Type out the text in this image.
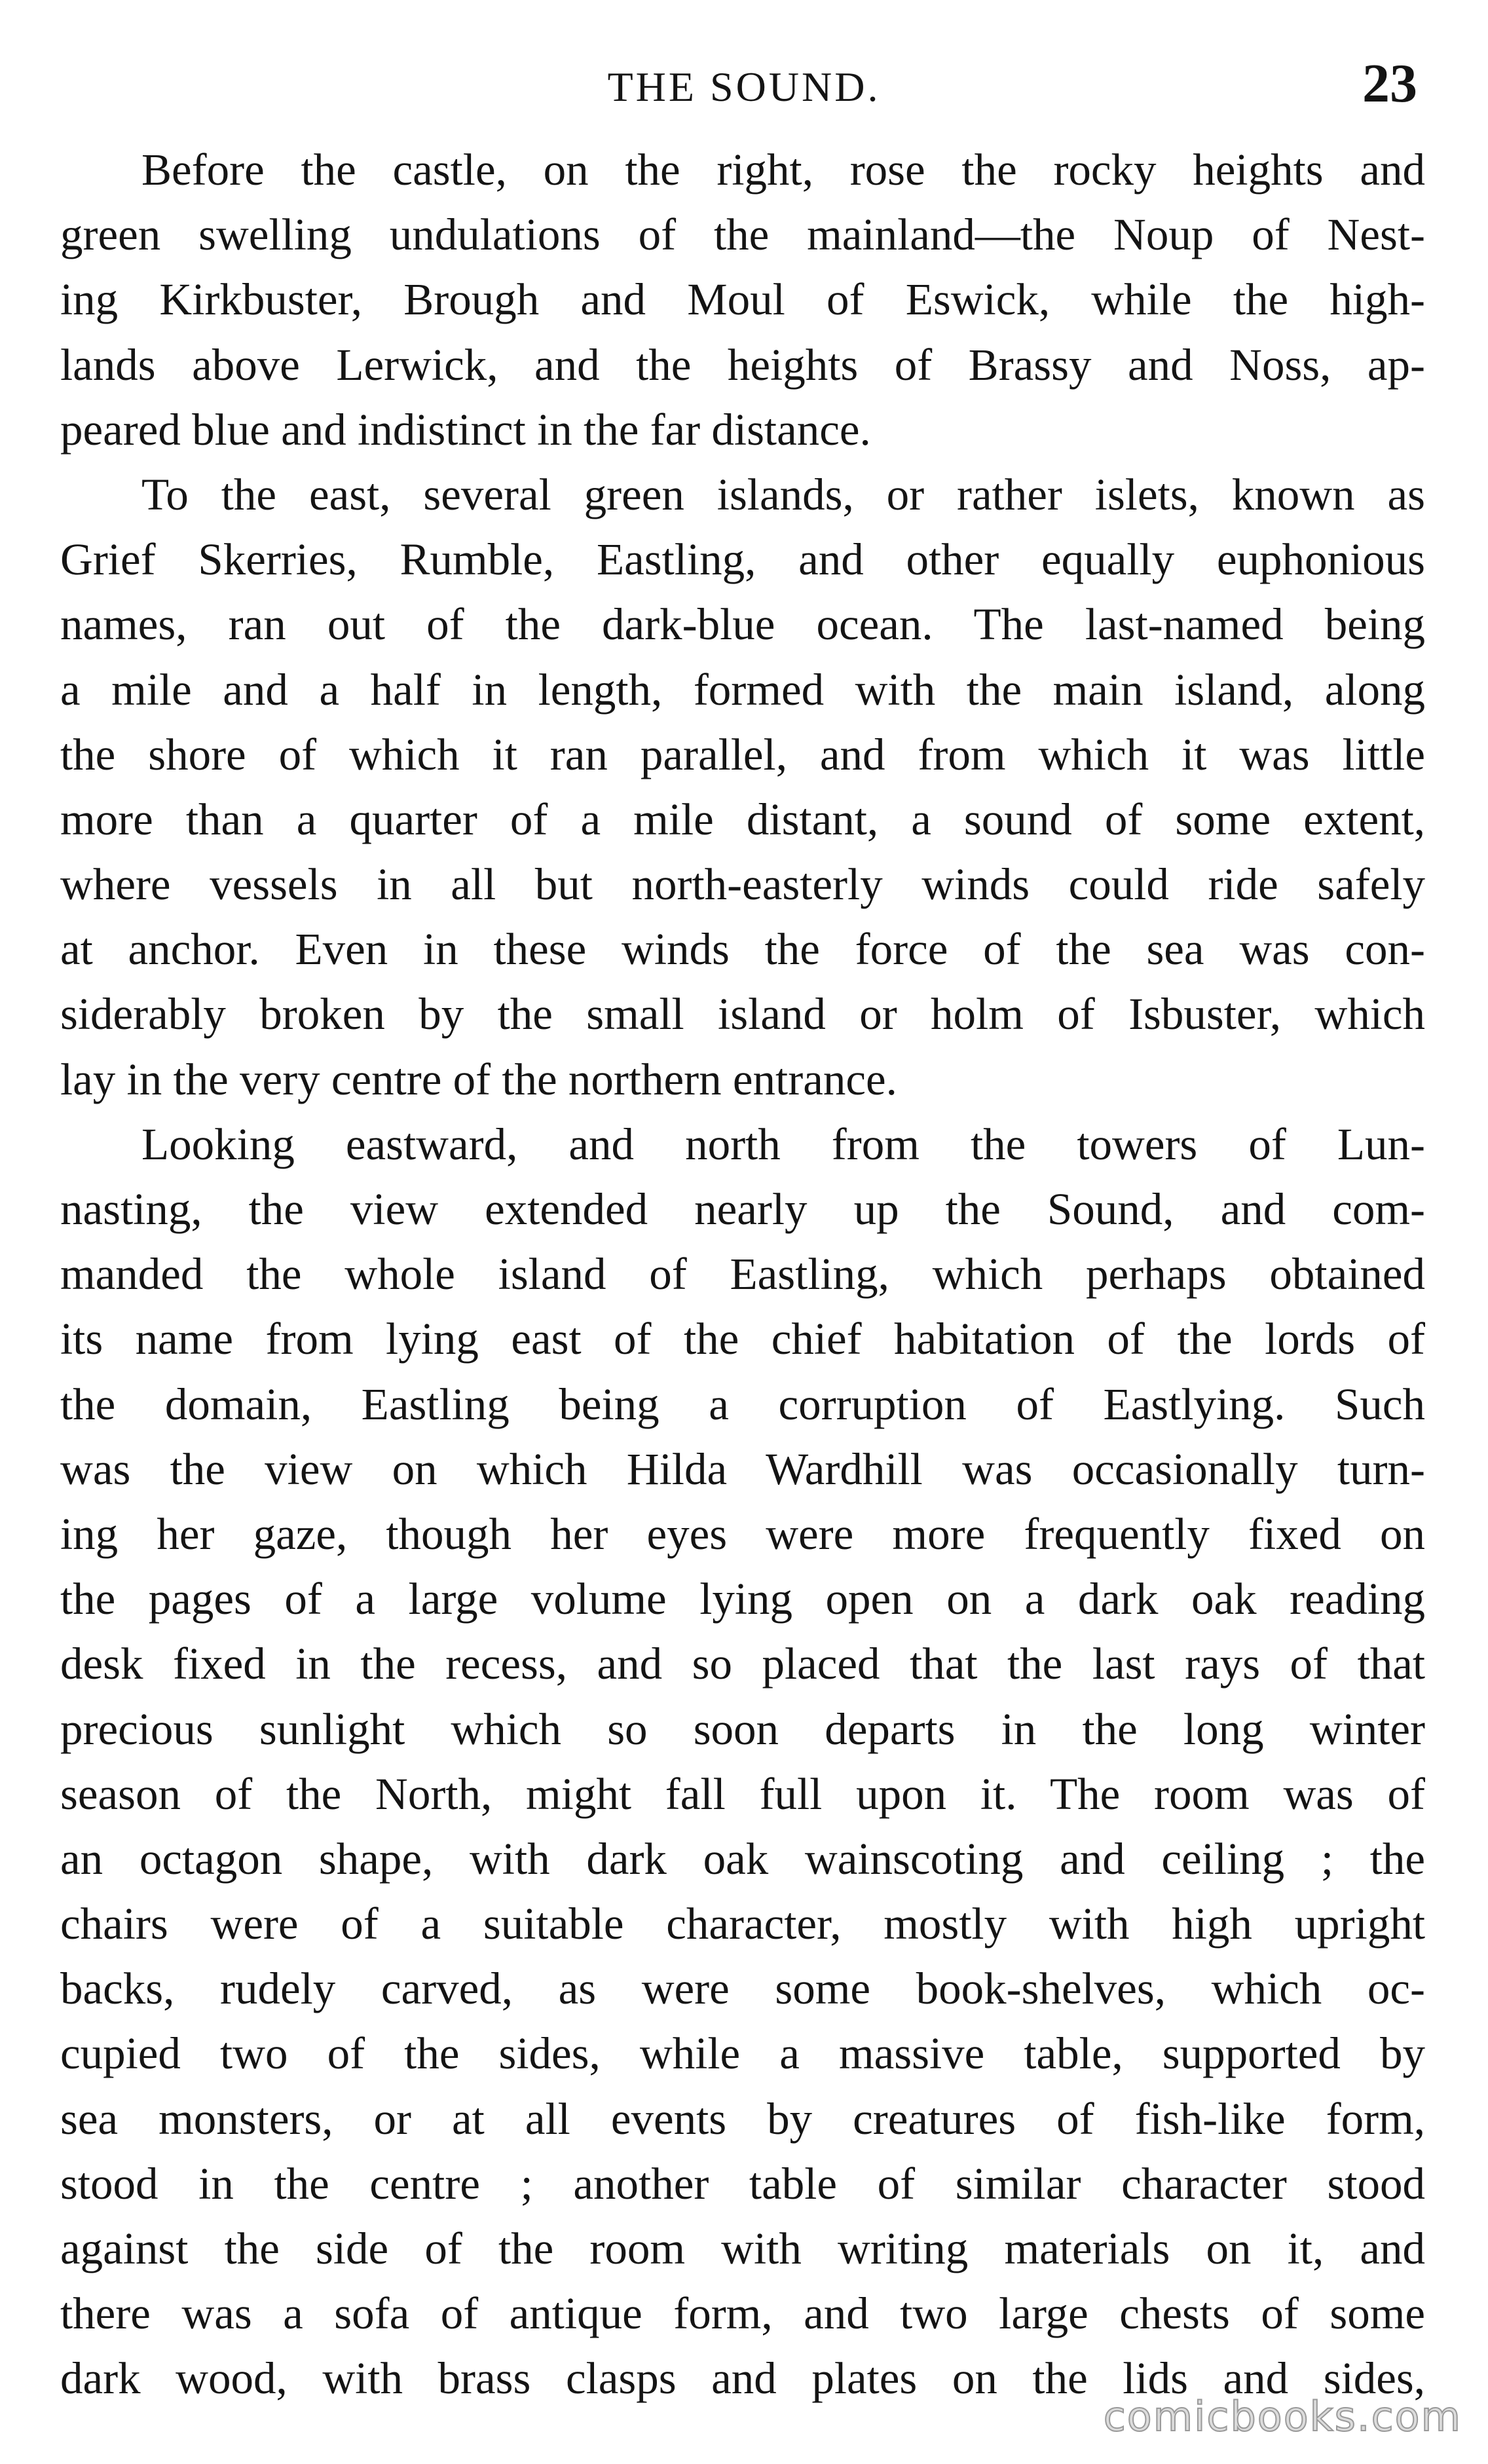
THE SOUND.	23
Before the castle, on the right, rose the rocky heights and
green swelling undulations of the mainland—the Noup of Nest-
ing Kirkbuster, Brough and Moul of Eswick, while the high-
lands above Lerwick, and the heights of Brassy and Noss, ap-
peared blue and indistinct in the far distance.
To the east, several green islands, or rather islets, known as
Grief Skerries, Rumble, Eastling, and other equally euphonious
names, ran out of the dark-blue ocean. The last-named being
a mile and a half in length, formed with the main island, along
the shore of which it ran parallel, and from which it was little
more than a quarter of a mile distant, a sound of some extent,
where vessels in all but north-easterly winds could ride safely
at anchor. Even in these winds the force of the sea was con-
siderably broken by the small island or holm of Isbuster, which
lay in the very centre of the northern entrance.
Looking eastward, and north from the towers of Lun-
nasting, the view extended nearly up the Sound, and com-
manded the whole island of Eastling, which perhaps obtained
its name from lying east of the chief habitation of the lords of
the domain, Eastling being a corruption of Eastlying. Such
was the view on which Hilda Wardhill was occasionally turn-
ing her gaze, though her eyes were more frequently fixed on
the pages of a large volume lying open on a dark oak reading
desk fixed in the recess, and so placed that the last rays of that
precious sunlight which so soon departs in the long winter
season of the North, might fall full upon it. The room was of
an octagon shape, with dark oak wainscoting and ceiling ; the
chairs were of a suitable character, mostly with high upright
backs, rudely carved, as were some book-shelves, which oc-
cupied two of the sides, while a massive table, supported by
sea monsters, or at all events by creatures of fish-like form,
stood in the centre ; another table of similar character stood
against the side of the room with writing materials on it, and
there was a sofa of antique form, and two large chests of some
dark wood, with brass clasps and plates on the lids and sides,
comicbooks.com
